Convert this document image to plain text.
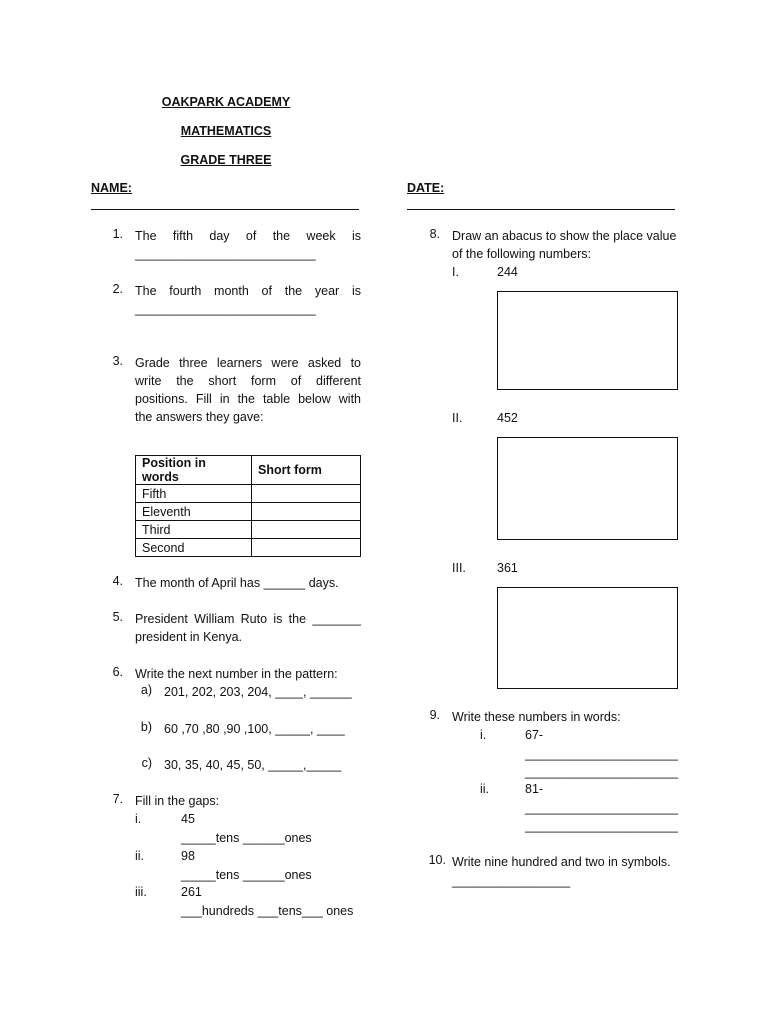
OAKPARK ACADEMY
MATHEMATICS
GRADE THREE
NAME:	DATE:
1. The fifth day of the week is
__________________________
2. The fourth month of the year is
__________________________
3. Grade three learners were asked to
write the short form of different
positions. Fill in the table below with
the answers they gave:
Position in words	Short form
Fifth	
Eleventh	
Third	
Second	
4. The month of April has ______ days.
5. President William Ruto is the _______
president in Kenya.
6. Write the next number in the pattern:
a) 201, 202, 203, 204, ____, ______
b) 60 ,70 ,80 ,90 ,100, _____, ____
c) 30, 35, 40, 45, 50, _____,_____
7. Fill in the gaps:
i.	45
_____tens ______ones
ii.	98
_____tens ______ones
iii.	261
___hundreds ___tens___ ones
8. Draw an abacus to show the place value
of the following numbers:
I.	244
II.	452
III. 361
9. Write these numbers in words:
i.	67-
______________________
______________________
ii.	81-
______________________
______________________
10. Write nine hundred and two in symbols.
_________________
